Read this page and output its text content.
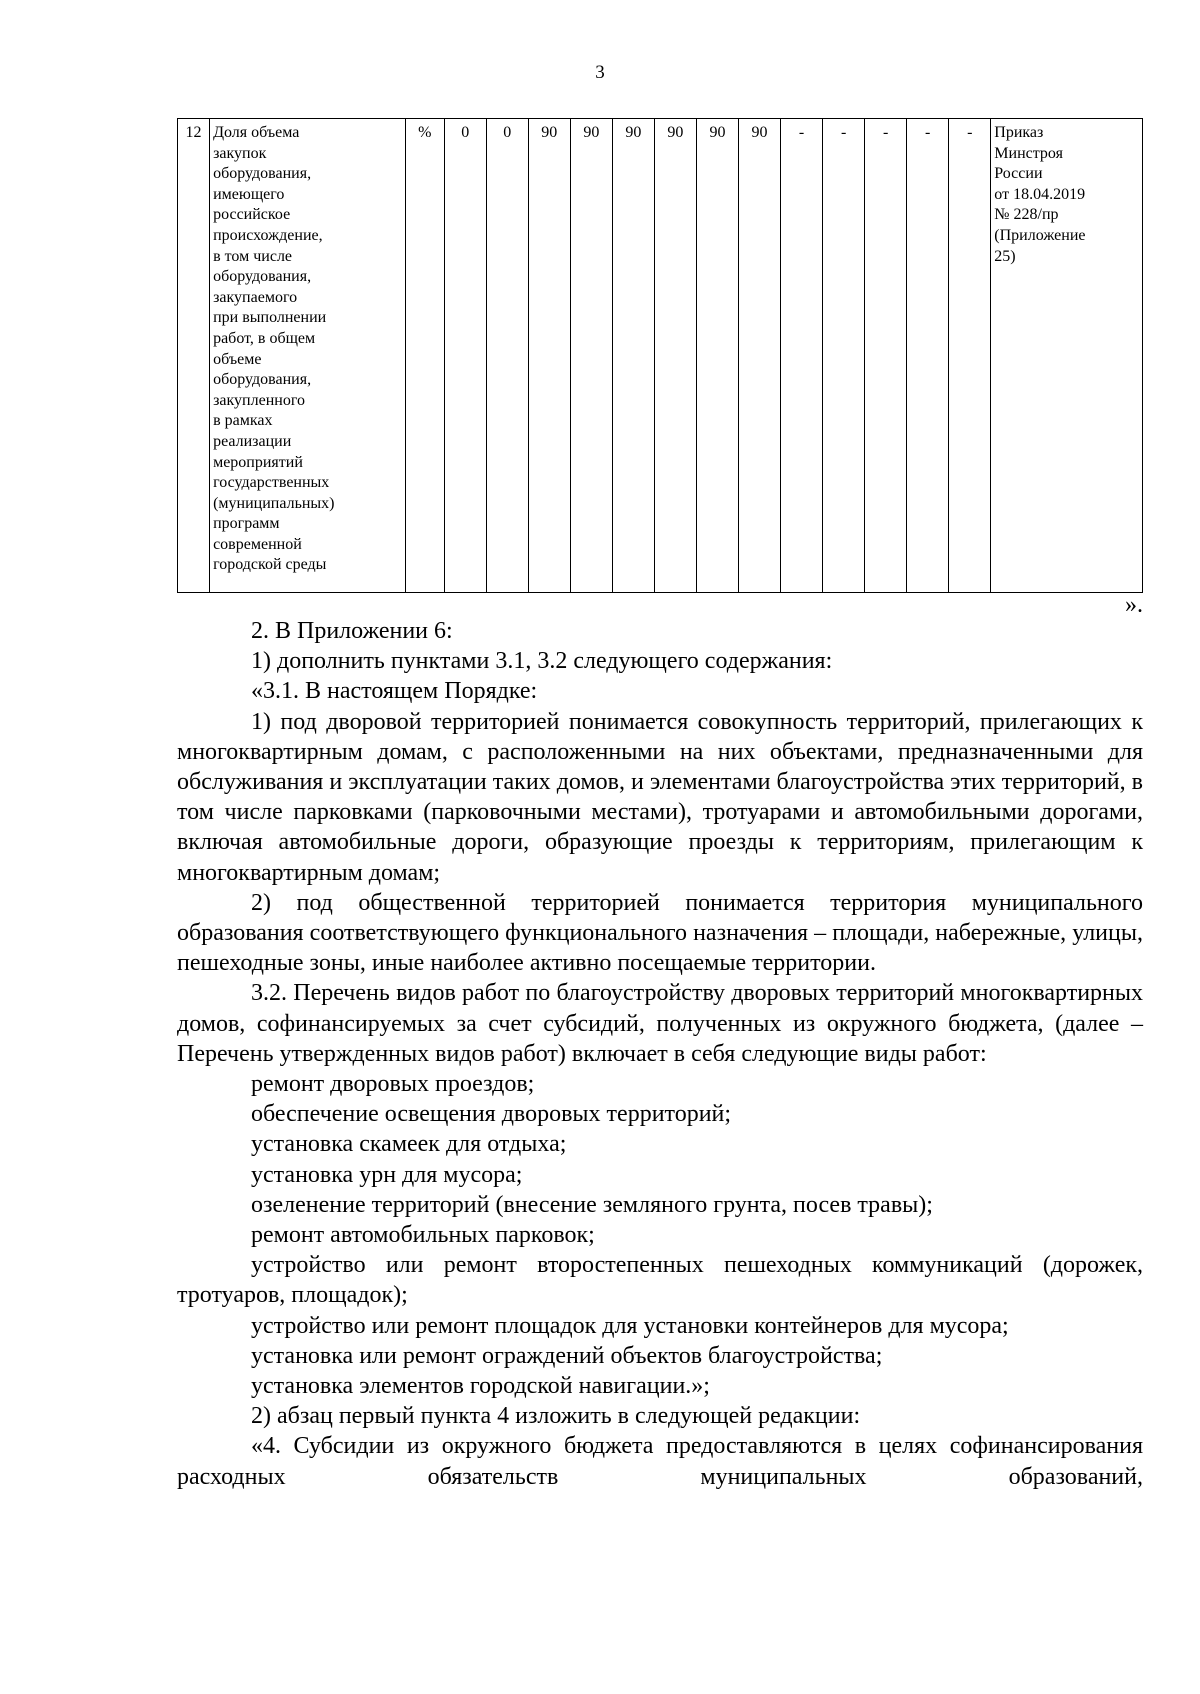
3
12	Доля объема
закупок
оборудования,
имеющего
российское
происхождение,
в том числе
оборудования,
закупаемого
при выполнении
работ, в общем
объеме
оборудования,
закупленного
в рамках
реализации
мероприятий
государственных
(муниципальных)
программ
современной
городской среды
	%	0	0	90	90	90	90	90	90	-	-	-	-	-	Приказ
Минстроя
России
от 18.04.2019
№ 228/пр
(Приложение
25)
».

2. В Приложении 6:

1) дополнить пунктами 3.1, 3.2 следующего содержания:

«3.1. В настоящем Порядке:

1) под дворовой территорией понимается совокупность территорий, прилегающих к многоквартирным домам, с расположенными на них объектами, предназначенными для обслуживания и эксплуатации таких домов, и элементами благоустройства этих территорий, в том числе парковками (парковочными местами), тротуарами и автомобильными дорогами, включая автомобильные дороги, образующие проезды к территориям, прилегающим к многоквартирным домам;

2) под общественной территорией понимается территория муниципального образования соответствующего функционального назначения – площади, набережные, улицы, пешеходные зоны, иные наиболее активно посещаемые территории.

3.2. Перечень видов работ по благоустройству дворовых территорий многоквартирных домов, софинансируемых за счет субсидий, полученных из окружного бюджета, (далее – Перечень утвержденных видов работ) включает в себя следующие виды работ:

ремонт дворовых проездов;

обеспечение освещения дворовых территорий;

установка скамеек для отдыха;

установка урн для мусора;

озеленение территорий (внесение земляного грунта, посев травы);

ремонт автомобильных парковок;

устройство или ремонт второстепенных пешеходных коммуникаций (дорожек, тротуаров, площадок);

устройство или ремонт площадок для установки контейнеров для мусора;

установка или ремонт ограждений объектов благоустройства;

установка элементов городской навигации.»;

2) абзац первый пункта 4 изложить в следующей редакции:

«4. Субсидии из окружного бюджета предоставляются в целях софинансирования расходных обязательств муниципальных образований,
